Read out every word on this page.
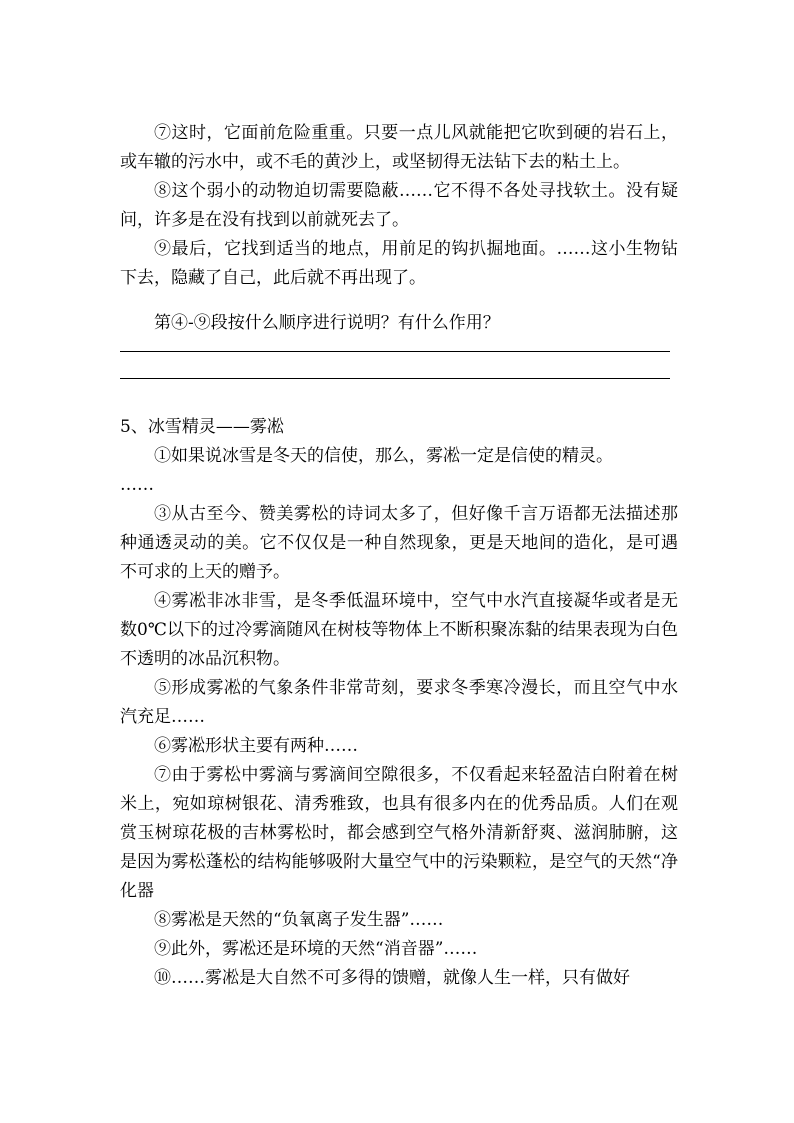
⑦这时，它面前危险重重。只要一点儿风就能把它吹到硬的岩石上，或车辙的污水中，或不毛的黄沙上，或坚韧得无法钻下去的粘土上。

⑧这个弱小的动物迫切需要隐蔽……它不得不各处寻找软土。没有疑问，许多是在没有找到以前就死去了。

⑨最后，它找到适当的地点，用前足的钩扒掘地面。……这小生物钻下去，隐藏了自己，此后就不再出现了。

第④-⑨段按什么顺序进行说明？有什么作用？

5、冰雪精灵——雾凇

①如果说冰雪是冬天的信使，那么，雾凇一定是信使的精灵。

……

③从古至今、赞美雾松的诗词太多了，但好像千言万语都无法描述那种通透灵动的美。它不仅仅是一种自然现象，更是天地间的造化，是可遇不可求的上天的赠予。

④雾凇非冰非雪，是冬季低温环境中，空气中水汽直接凝华或者是无数0℃以下的过冷雾滴随风在树枝等物体上不断积聚冻黏的结果表现为白色不透明的冰品沉积物。

⑤形成雾凇的气象条件非常苛刻，要求冬季寒冷漫长，而且空气中水汽充足……

⑥雾凇形状主要有两种……

⑦由于雾松中雾滴与雾滴间空隙很多，不仅看起来轻盈洁白附着在树米上，宛如琼树银花、清秀雅致，也具有很多内在的优秀品质。人们在观赏玉树琼花极的吉林雾松时，都会感到空气格外清新舒爽、滋润肺腑，这是因为雾松蓬松的结构能够吸附大量空气中的污染颗粒，是空气的天然“净化器

⑧雾凇是天然的“负氧离子发生器”……

⑨此外，雾凇还是环境的天然“消音器”……

⑩……雾凇是大自然不可多得的馈赠，就像人生一样，只有做好
